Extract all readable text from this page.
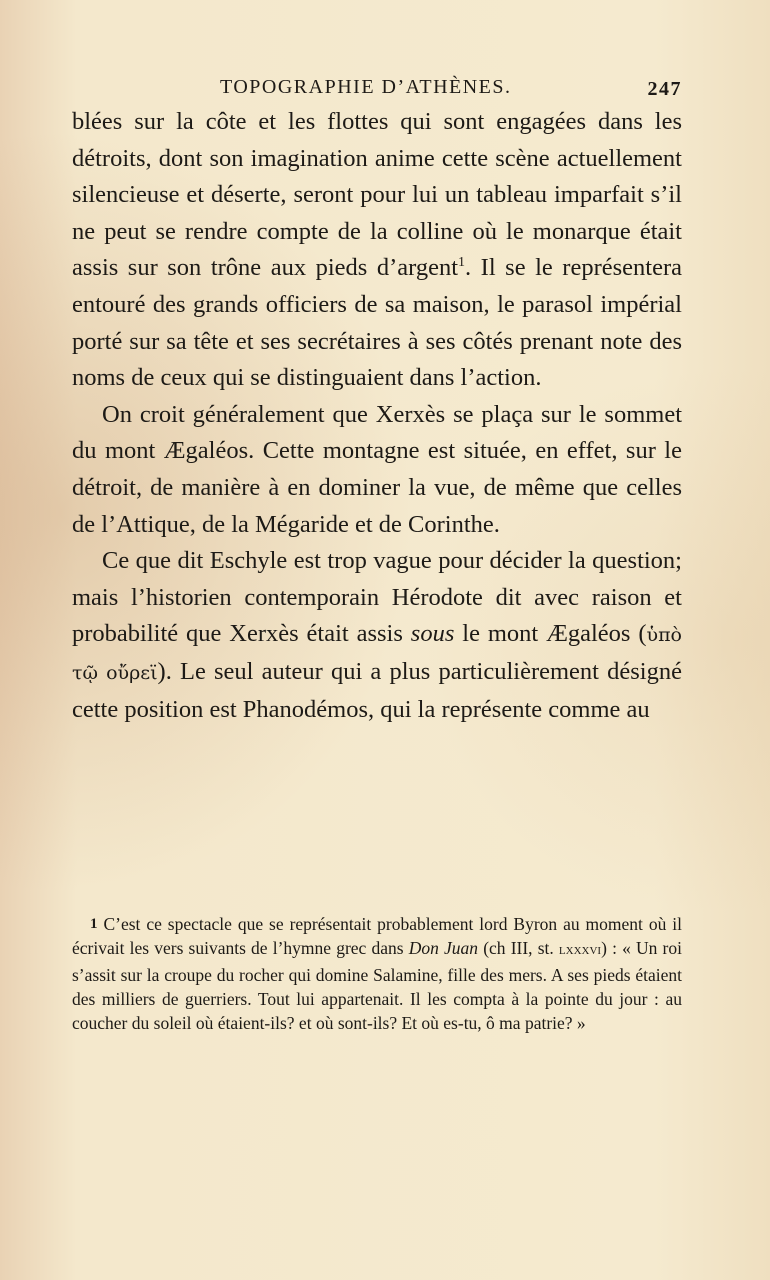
TOPOGRAPHIE D’ATHÈNES.	247

blées sur la côte et les flottes qui sont engagées dans les détroits, dont son imagination anime cette scène actuellement silencieuse et déserte, seront pour lui un tableau imparfait s’il ne peut se rendre compte de la colline où le monarque était assis sur son trône aux pieds d’argent$^1$. Il se le représentera entouré des grands officiers de sa maison, le parasol impérial porté sur sa tête et ses secrétaires à ses côtés prenant note des noms de ceux qui se distinguaient dans l’action.

On croit généralement que Xerxès se plaça sur le sommet du mont Ægaléos. Cette montagne est située, en effet, sur le détroit, de manière à en dominer la vue, de même que celles de l’Attique, de la Mégaride et de Corinthe.

Ce que dit Eschyle est trop vague pour décider la question; mais l’historien contemporain Hérodote dit avec raison et probabilité que Xerxès était assis sous le mont Ægaléos (ὑπὸ τῷ οὔρεϊ). Le seul auteur qui a plus particulièrement désigné cette position est Phanodémos, qui la représente comme au

1 C’est ce spectacle que se représentait probablement lord Byron au moment où il écrivait les vers suivants de l’hymne grec dans Don Juan (ch III, st. lxxxvi) : « Un roi s’assit sur la croupe du rocher qui domine Salamine, fille des mers. A ses pieds étaient des milliers de guerriers. Tout lui appartenait. Il les compta à la pointe du jour : au coucher du soleil où étaient-ils? et où sont-ils? Et où es-tu, ô ma patrie? »
